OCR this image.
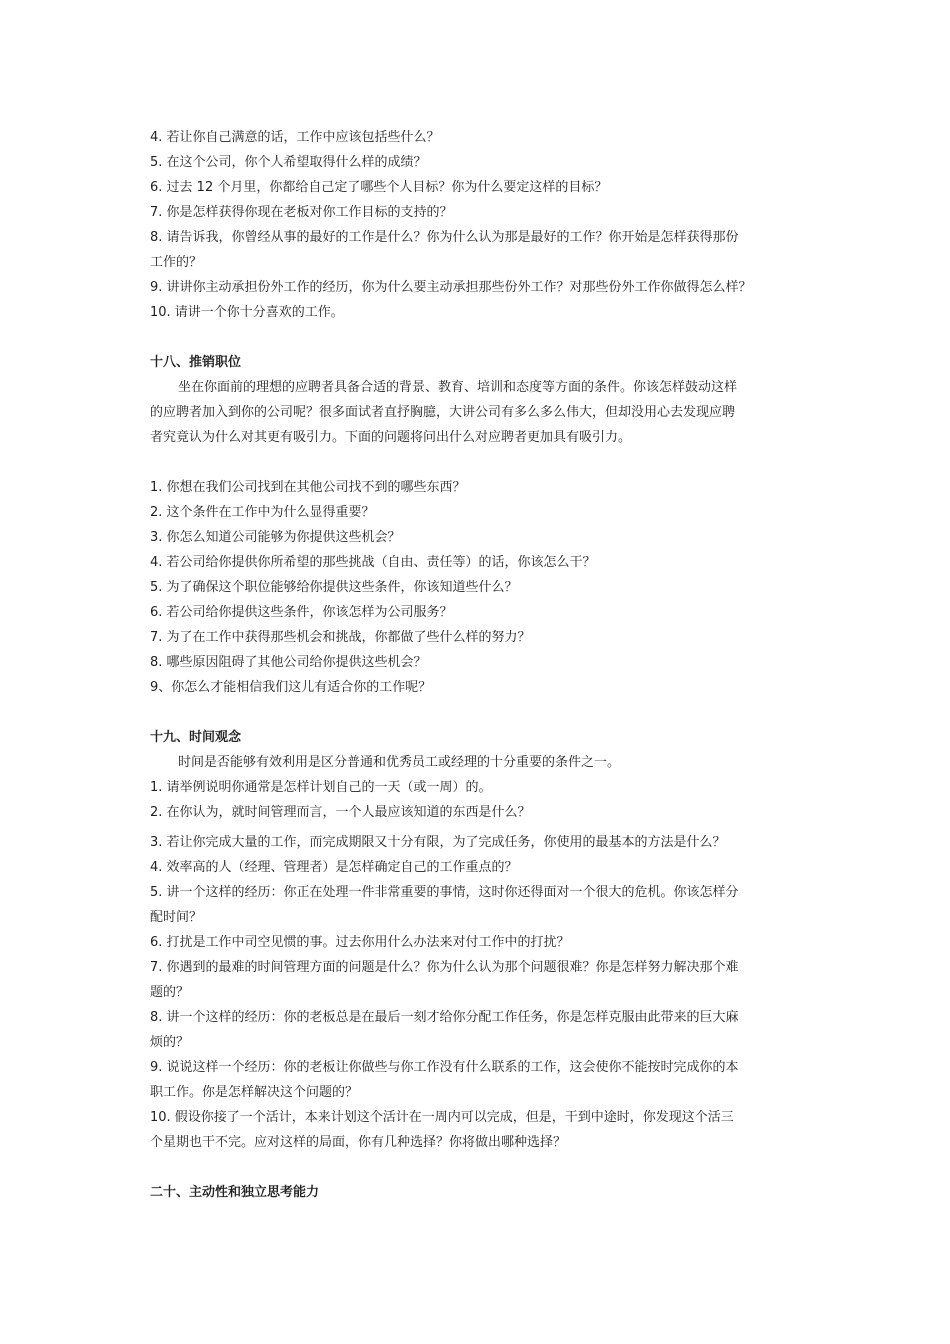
4. 若让你自己满意的话，工作中应该包括些什么？
5. 在这个公司，你个人希望取得什么样的成绩？
6. 过去 12 个月里，你都给自己定了哪些个人目标？你为什么要定这样的目标？
7. 你是怎样获得你现在老板对你工作目标的支持的？
8. 请告诉我，你曾经从事的最好的工作是什么？你为什么认为那是最好的工作？你开始是怎样获得那份
工作的？
9. 讲讲你主动承担份外工作的经历，你为什么要主动承担那些份外工作？对那些份外工作你做得怎么样？
10. 请讲一个你十分喜欢的工作。
十八、推销职位
坐在你面前的理想的应聘者具备合适的背景、教育、培训和态度等方面的条件。你该怎样鼓动这样
的应聘者加入到你的公司呢？很多面试者直抒胸臆，大讲公司有多么多么伟大，但却没用心去发现应聘
者究竟认为什么对其更有吸引力。下面的问题将问出什么对应聘者更加具有吸引力。
1. 你想在我们公司找到在其他公司找不到的哪些东西？
2. 这个条件在工作中为什么显得重要？
3. 你怎么知道公司能够为你提供这些机会？
4. 若公司给你提供你所希望的那些挑战（自由、责任等）的话，你该怎么干？
5. 为了确保这个职位能够给你提供这些条件，你该知道些什么？
6. 若公司给你提供这些条件，你该怎样为公司服务？
7. 为了在工作中获得那些机会和挑战，你都做了些什么样的努力？
8. 哪些原因阻碍了其他公司给你提供这些机会？
9、你怎么才能相信我们这儿有适合你的工作呢？
十九、时间观念
时间是否能够有效利用是区分普通和优秀员工或经理的十分重要的条件之一。
1. 请举例说明你通常是怎样计划自己的一天（或一周）的。
2. 在你认为，就时间管理而言，一个人最应该知道的东西是什么？
3. 若让你完成大量的工作，而完成期限又十分有限，为了完成任务，你使用的最基本的方法是什么？
4. 效率高的人（经理、管理者）是怎样确定自己的工作重点的？
5. 讲一个这样的经历：你正在处理一件非常重要的事情，这时你还得面对一个很大的危机。你该怎样分
配时间？
6. 打扰是工作中司空见惯的事。过去你用什么办法来对付工作中的打扰？
7. 你遇到的最难的时间管理方面的问题是什么？你为什么认为那个问题很难？你是怎样努力解决那个难
题的？
8. 讲一个这样的经历：你的老板总是在最后一刻才给你分配工作任务，你是怎样克服由此带来的巨大麻
烦的？
9. 说说这样一个经历：你的老板让你做些与你工作没有什么联系的工作，这会使你不能按时完成你的本
职工作。你是怎样解决这个问题的？
10. 假设你接了一个活计，本来计划这个活计在一周内可以完成，但是，干到中途时，你发现这个活三
个星期也干不完。应对这样的局面，你有几种选择？你将做出哪种选择？
二十、主动性和独立思考能力
